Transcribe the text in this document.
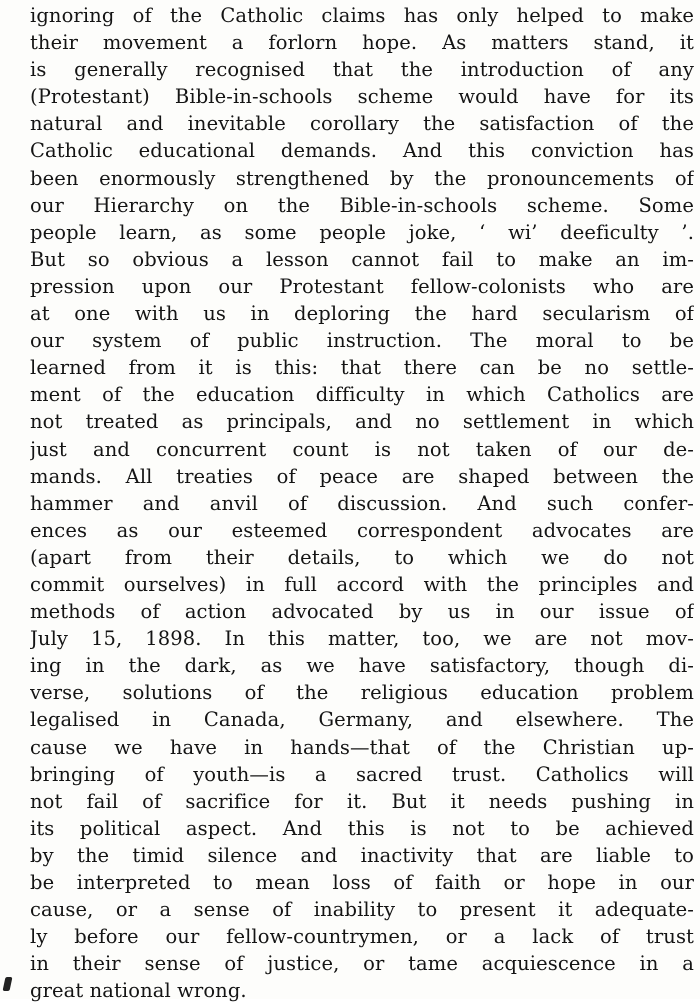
ignoring of the Catholic claims has only helped to make
their movement a forlorn hope. As matters stand, it
is generally recognised that the introduction of any
(Protestant) Bible-in-schools scheme would have for its
natural and inevitable corollary the satisfaction of the
Catholic educational demands. And this conviction has
been enormously strengthened by the pronouncements of
our Hierarchy on the Bible-in-schools scheme. Some
people learn, as some people joke, ‘ wi’ deeficulty ’.
But so obvious a lesson cannot fail to make an im-
pression upon our Protestant fellow-colonists who are
at one with us in deploring the hard secularism of
our system of public instruction. The moral to be
learned from it is this: that there can be no settle-
ment of the education difficulty in which Catholics are
not treated as principals, and no settlement in which
just and concurrent count is not taken of our de-
mands. All treaties of peace are shaped between the
hammer and anvil of discussion. And such confer-
ences as our esteemed correspondent advocates are
(apart from their details, to which we do not
commit ourselves) in full accord with the principles and
methods of action advocated by us in our issue of
July 15, 1898. In this matter, too, we are not mov-
ing in the dark, as we have satisfactory, though di-
verse, solutions of the religious education problem
legalised in Canada, Germany, and elsewhere. The
cause we have in hands—that of the Christian up-
bringing of youth—is a sacred trust. Catholics will
not fail of sacrifice for it. But it needs pushing in
its political aspect. And this is not to be achieved
by the timid silence and inactivity that are liable to
be interpreted to mean loss of faith or hope in our
cause, or a sense of inability to present it adequate-
ly before our fellow-countrymen, or a lack of trust
in their sense of justice, or tame acquiescence in a
great national wrong.
